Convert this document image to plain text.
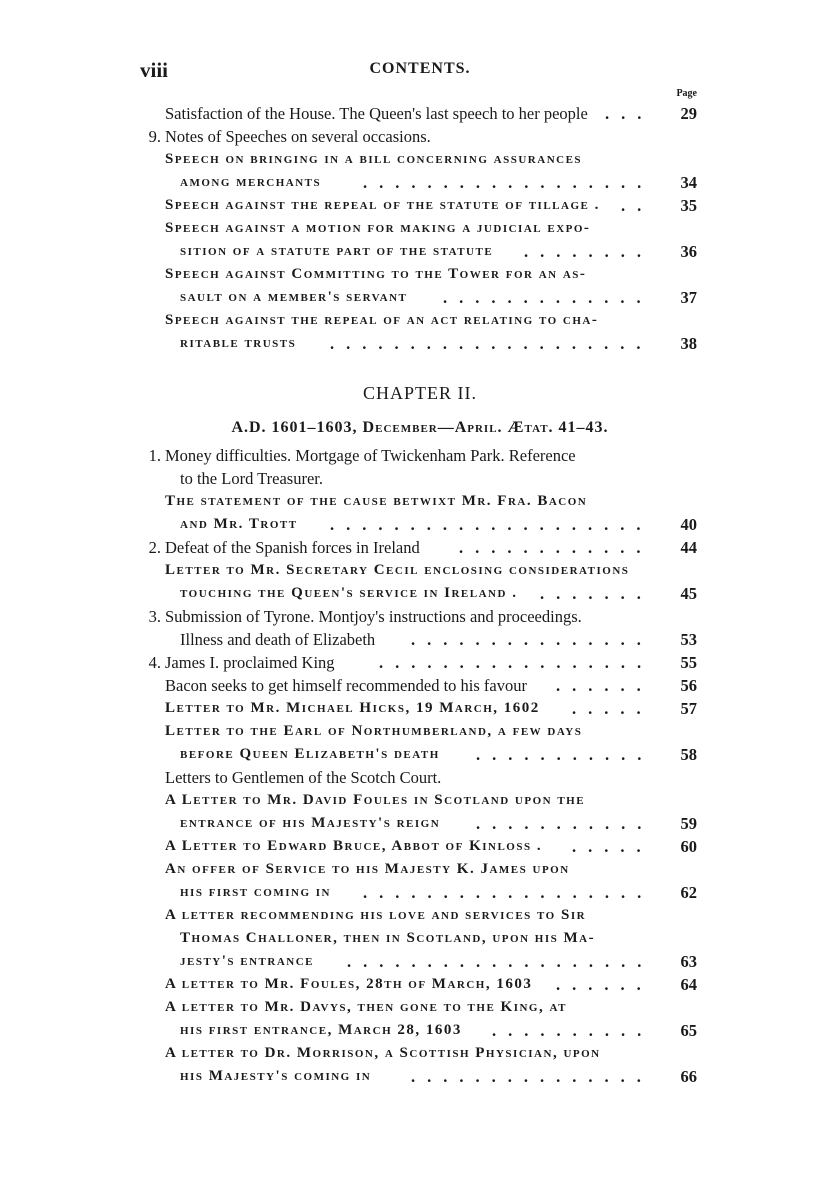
viii	CONTENTS.
Page
CHAPTER II.
A.D. 1601–1603, December—April. Ætat. 41–43.
Satisfaction of the House. The Queen's last speech to her people	29
...
9. Notes of Speeches on several occasions.
Speech on bringing in a bill concerning assurances
among merchants	34
..................
Speech against the repeal of the statute of tillage .	35
..
Speech against a motion for making a judicial expo-
sition of a statute part of the statute	36
........
Speech against Committing to the Tower for an as-
sault on a member's servant	37
.............
Speech against the repeal of an act relating to cha-
ritable trusts	38
....................
1. Money difficulties. Mortgage of Twickenham Park. Reference
to the Lord Treasurer.
The statement of the cause betwixt Mr. Fra. Bacon
and Mr. Trott	40
....................
2. Defeat of the Spanish forces in Ireland	44
............
Letter to Mr. Secretary Cecil enclosing considerations
touching the Queen's service in Ireland .	45
.......
3. Submission of Tyrone. Montjoy's instructions and proceedings.
Illness and death of Elizabeth	53
...............
4. James I. proclaimed King	55
.................
Bacon seeks to get himself recommended to his favour	56
......
Letter to Mr. Michael Hicks, 19 March, 1602	57
.....
Letter to the Earl of Northumberland, a few days
before Queen Elizabeth's death	58
...........
Letters to Gentlemen of the Scotch Court.
A Letter to Mr. David Foules in Scotland upon the
entrance of his Majesty's reign	59
...........
A Letter to Edward Bruce, Abbot of Kinloss .	60
.....
An offer of Service to his Majesty K. James upon
his first coming in	62
..................
A letter recommending his love and services to Sir
Thomas Challoner, then in Scotland, upon his Ma-
jesty's entrance	63
...................
A letter to Mr. Foules, 28th of March, 1603	64
......
A letter to Mr. Davys, then gone to the King, at
his first entrance, March 28, 1603	65
..........
A letter to Dr. Morrison, a Scottish Physician, upon
his Majesty's coming in	66
...............
